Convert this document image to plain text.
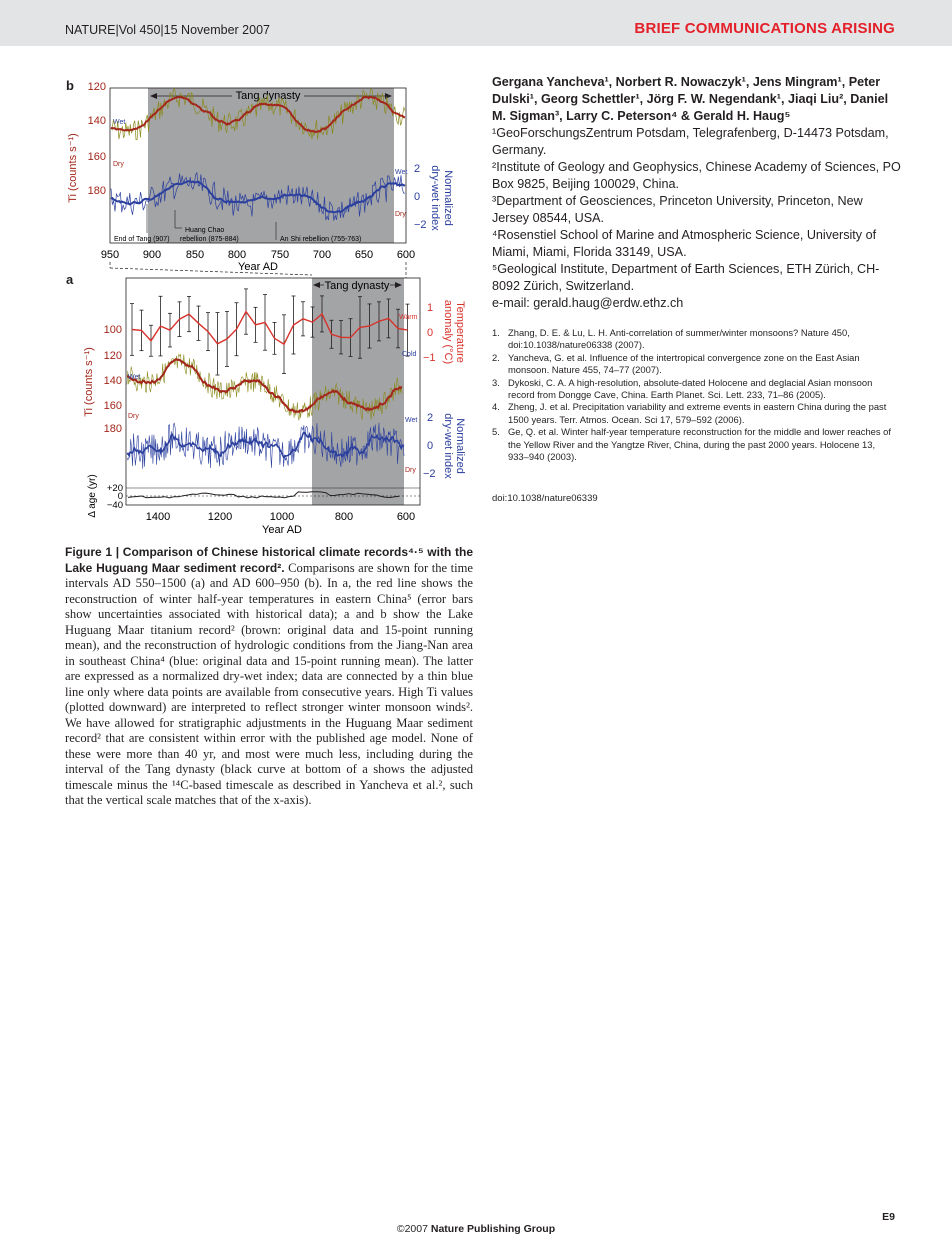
NATURE|Vol 450|15 November 2007	BRIEF COMMUNICATIONS ARISING
b 120
140
160
180
Ti (counts s⁻¹)
Wet
Dry	2
0
−2
Wet
Dry	Normalized
dry-wet index
Tang dynasty
End of Tang (907)
Huang Chao
rebellion (875-884)	An Shi rebellion (755-763)
950 900 850 800 750 700 650 600
Year AD
a	Tang dynasty
100
120
140
160
180
Ti (counts s⁻¹)	Wet
Dry
1
0
−1
Warm
Cold	Temperature
anomaly (°C)
2
0
−2
Wet
Dry	Normalized
dry-wet index
+20
0
−40
Δ age (yr)	1400	1200	1000	800	600
Year AD
Figure 1 | Comparison of Chinese historical climate records⁴·⁵ with the Lake Huguang Maar sediment record². Comparisons are shown for the time intervals AD 550–1500 (a) and AD 600–950 (b). In a, the red line shows the reconstruction of winter half-year temperatures in eastern China⁵ (error bars show uncertainties associated with historical data); a and b show the Lake Huguang Maar titanium record² (brown: original data and 15-point running mean), and the reconstruction of hydrologic conditions from the Jiang-Nan area in southeast China⁴ (blue: original data and 15-point running mean). The latter are expressed as a normalized dry-wet index; data are connected by a thin blue line only where data points are available from consecutive years. High Ti values (plotted downward) are interpreted to reflect stronger winter monsoon winds². We have allowed for stratigraphic adjustments in the Huguang Maar sediment record² that are consistent within error with the published age model. None of these were more than 40 yr, and most were much less, including during the interval of the Tang dynasty (black curve at bottom of a shows the adjusted timescale minus the ¹⁴C-based timescale as described in Yancheva et al.², such that the vertical scale matches that of the x-axis).
Gergana Yancheva¹, Norbert R. Nowaczyk¹, Jens Mingram¹, Peter Dulski¹, Georg Schettler¹, Jörg F. W. Negendank¹, Jiaqi Liu², Daniel M. Sigman³, Larry C. Peterson⁴ & Gerald H. Haug⁵
¹GeoForschungsZentrum Potsdam, Telegrafenberg, D-14473 Potsdam, Germany.
²Institute of Geology and Geophysics, Chinese Academy of Sciences, PO Box 9825, Beijing 100029, China.
³Department of Geosciences, Princeton University, Princeton, New Jersey 08544, USA.
⁴Rosenstiel School of Marine and Atmospheric Science, University of Miami, Miami, Florida 33149, USA.
⁵Geological Institute, Department of Earth Sciences, ETH Zürich, CH-8092 Zürich, Switzerland.
e-mail: gerald.haug@erdw.ethz.ch
1. Zhang, D. E. & Lu, L. H. Anti-correlation of summer/winter monsoons? Nature 450, doi:10.1038/nature06338 (2007).
2. Yancheva, G. et al. Influence of the intertropical convergence zone on the East Asian monsoon. Nature 455, 74–77 (2007).
3. Dykoski, C. A. A high-resolution, absolute-dated Holocene and deglacial Asian monsoon record from Dongge Cave, China. Earth Planet. Sci. Lett. 233, 71–86 (2005).
4. Zheng, J. et al. Precipitation variability and extreme events in eastern China during the past 1500 years. Terr. Atmos. Ocean. Sci 17, 579–592 (2006).
5. Ge, Q. et al. Winter half-year temperature reconstruction for the middle and lower reaches of the Yellow River and the Yangtze River, China, during the past 2000 years. Holocene 13, 933–940 (2003).
doi:10.1038/nature06339
E9
©2007 Nature Publishing Group
